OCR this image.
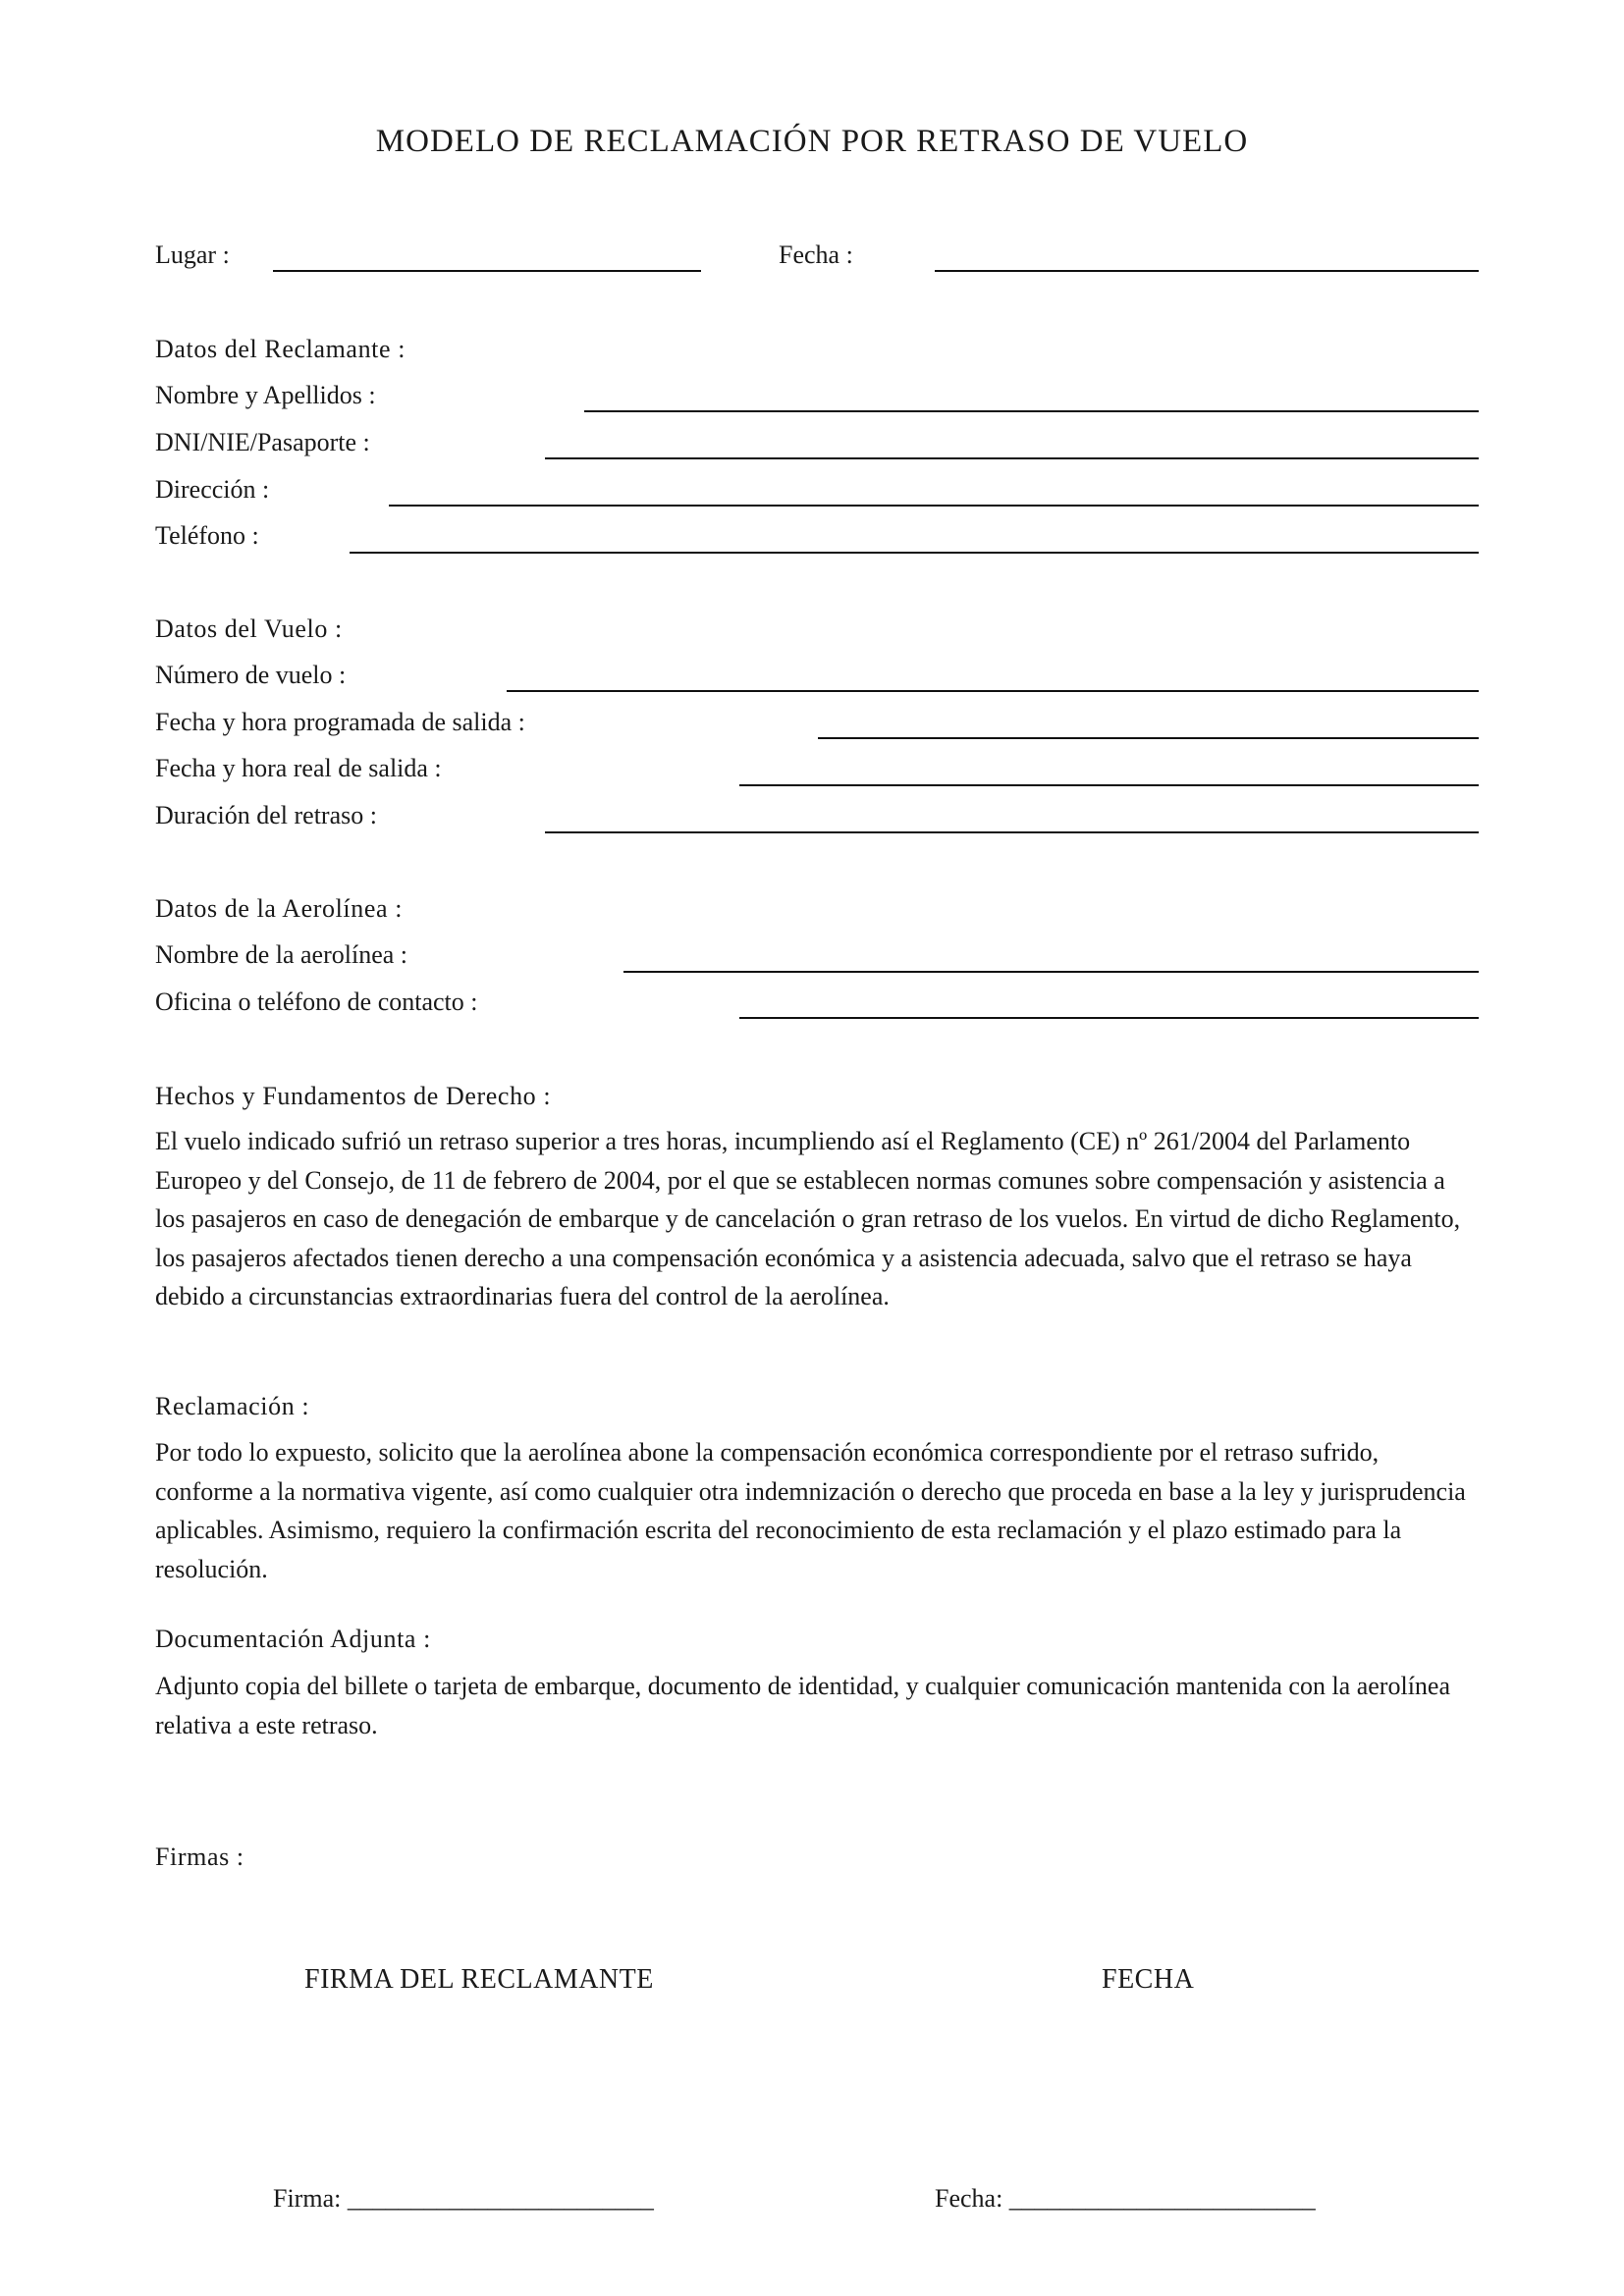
MODELO DE RECLAMACIÓN POR RETRASO DE VUELO
Lugar :	Fecha :
Datos del Reclamante :
Nombre y Apellidos :
DNI/NIE/Pasaporte :
Dirección :
Teléfono :
Datos del Vuelo :
Número de vuelo :
Fecha y hora programada de salida :
Fecha y hora real de salida :
Duración del retraso :
Datos de la Aerolínea :
Nombre de la aerolínea :
Oficina o teléfono de contacto :
Hechos y Fundamentos de Derecho :
El vuelo indicado sufrió un retraso superior a tres horas, incumpliendo así el Reglamento (CE) nº 261/2004 del Parlamento Europeo y del Consejo, de 11 de febrero de 2004, por el que se establecen normas comunes sobre compensación y asistencia a los pasajeros en caso de denegación de embarque y de cancelación o gran retraso de los vuelos. En virtud de dicho Reglamento, los pasajeros afectados tienen derecho a una compensación económica y a asistencia adecuada, salvo que el retraso se haya debido a circunstancias extraordinarias fuera del control de la aerolínea.
Reclamación :
Por todo lo expuesto, solicito que la aerolínea abone la compensación económica correspondiente por el retraso sufrido, conforme a la normativa vigente, así como cualquier otra indemnización o derecho que proceda en base a la ley y jurisprudencia aplicables. Asimismo, requiero la confirmación escrita del reconocimiento de esta reclamación y el plazo estimado para la resolución.
Documentación Adjunta :
Adjunto copia del billete o tarjeta de embarque, documento de identidad, y cualquier comunicación mantenida con la aerolínea relativa a este retraso.
Firmas :
FIRMA DEL RECLAMANTE	FECHA
Firma: ________________________	Fecha: ________________________
